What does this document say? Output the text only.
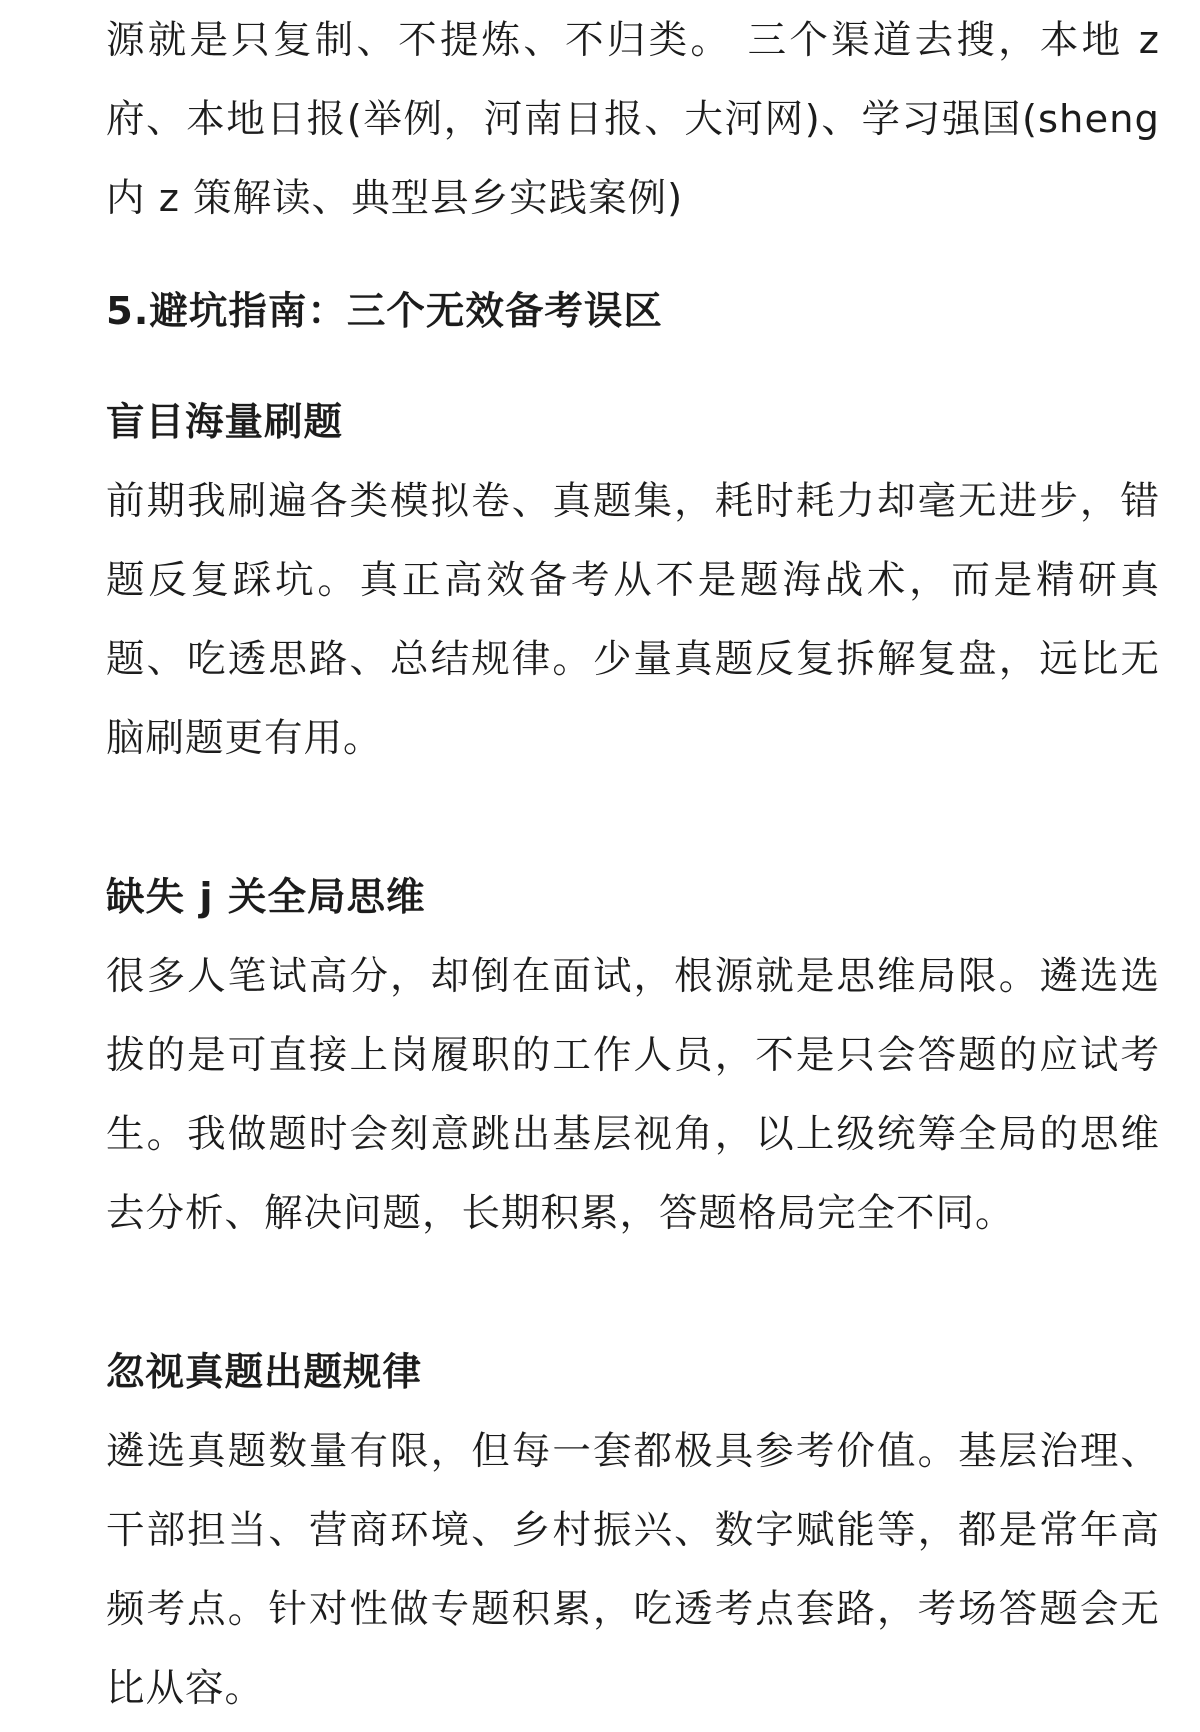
源就是只复制、不提炼、不归类。 三个渠道去搜，本地 z 府、本地日报(举例，河南日报、大河网)、学习强国(sheng 内 z 策解读、典型县乡实践案例)

5.避坑指南：三个无效备考误区
盲目海量刷题

前期我刷遍各类模拟卷、真题集，耗时耗力却毫无进步，错题反复踩坑。真正高效备考从不是题海战术，而是精研真题、吃透思路、总结规律。少量真题反复拆解复盘，远比无脑刷题更有用。

缺失 j 关全局思维

很多人笔试高分，却倒在面试，根源就是思维局限。遴选选拔的是可直接上岗履职的工作人员，不是只会答题的应试考生。我做题时会刻意跳出基层视角，以上级统筹全局的思维去分析、解决问题，长期积累，答题格局完全不同。

忽视真题出题规律

遴选真题数量有限，但每一套都极具参考价值。基层治理、干部担当、营商环境、乡村振兴、数字赋能等，都是常年高频考点。针对性做专题积累，吃透考点套路，考场答题会无比从容。
